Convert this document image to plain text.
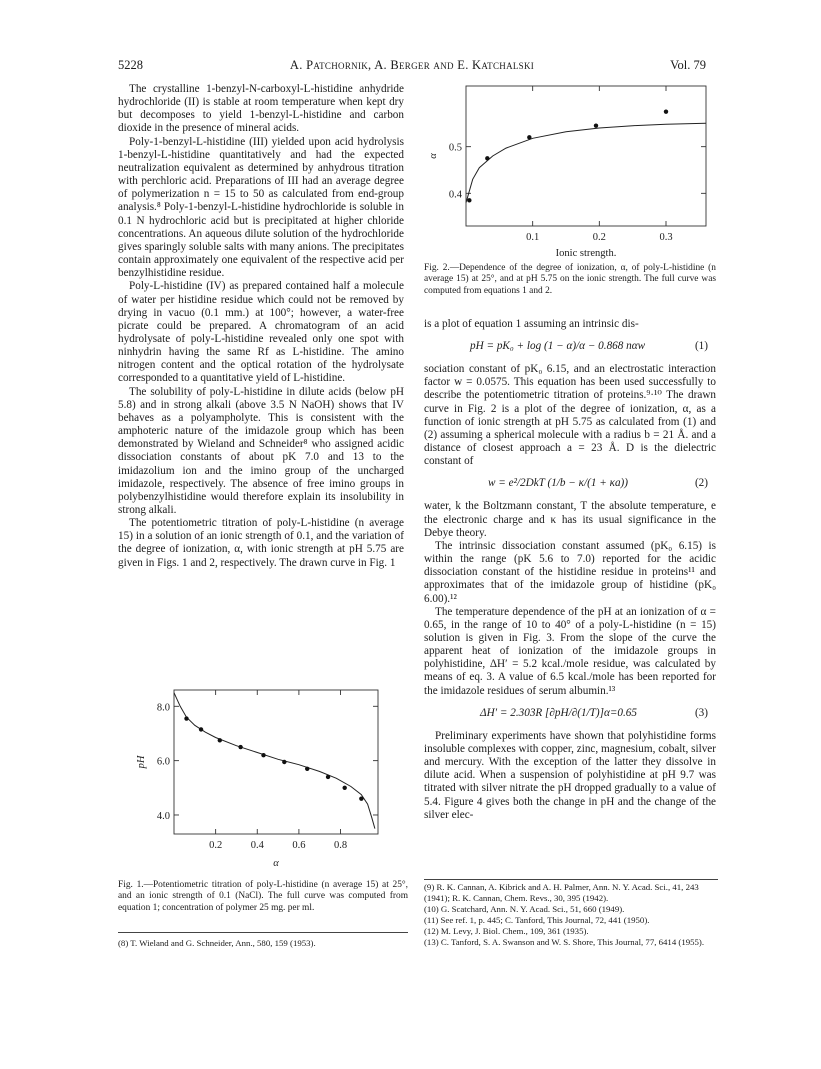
5228	A. Patchornik, A. Berger and E. Katchalski	Vol. 79

The crystalline 1-benzyl-N-carboxyl-L-histidine anhydride hydrochloride (II) is stable at room temperature when kept dry but decomposes to yield 1-benzyl-L-histidine and carbon dioxide in the presence of mineral acids.

Poly-1-benzyl-L-histidine (III) yielded upon acid hydrolysis 1-benzyl-L-histidine quantitatively and had the expected neutralization equivalent as determined by anhydrous titration with perchloric acid. Preparations of III had an average degree of polymerization n = 15 to 50 as calculated from end-group analysis.⁸ Poly-1-benzyl-L-histidine hydrochloride is soluble in 0.1 N hydrochloric acid but is precipitated at higher chloride concentrations. An aqueous dilute solution of the hydrochloride gives sparingly soluble salts with many anions. The precipitates contain approximately one equivalent of the respective acid per benzylhistidine residue.

Poly-L-histidine (IV) as prepared contained half a molecule of water per histidine residue which could not be removed by drying in vacuo (0.1 mm.) at 100°; however, a water-free picrate could be prepared. A chromatogram of an acid hydrolysate of poly-L-histidine revealed only one spot with ninhydrin having the same Rf as L-histidine. The amino nitrogen content and the optical rotation of the hydrolysate corresponded to a quantitative yield of L-histidine.

The solubility of poly-L-histidine in dilute acids (below pH 5.8) and in strong alkali (above 3.5 N NaOH) shows that IV behaves as a polyampholyte. This is consistent with the amphoteric nature of the imidazole group which has been demonstrated by Wieland and Schneider⁸ who assigned acidic dissociation constants of about pK 7.0 and 13 to the imidazolium ion and the imino group of the uncharged imidazole, respectively. The absence of free imino groups in polybenzylhistidine would therefore explain its insolubility in strong alkali.

The potentiometric titration of poly-L-histidine (n average 15) in a solution of an ionic strength of 0.1, and the variation of the degree of ionization, α, with ionic strength at pH 5.75 are given in Figs. 1 and 2, respectively. The drawn curve in Fig. 1

0.1	0.2	0.3
0.4
0.5
Ionic strength.
α
Fig. 2.—Dependence of the degree of ionization, α, of poly-L-histidine (n average 15) at 25°, and at pH 5.75 on the ionic strength. The full curve was computed from equations 1 and 2.

is a plot of equation 1 assuming an intrinsic dis-

pH = pK₀ + log (1 − α)/α − 0.868 nαw	(1)

sociation constant of pK₀ 6.15, and an electrostatic interaction factor w = 0.0575. This equation has been used successfully to describe the potentiometric titration of proteins.⁹·¹⁰ The drawn curve in Fig. 2 is a plot of the degree of ionization, α, as a function of ionic strength at pH 5.75 as calculated from (1) and (2) assuming a spherical molecule with a radius b = 21 Å. and a distance of closest approach a = 23 Å. D is the dielectric constant of

w = e²/2DkT (1/b − κ/(1 + κa))	(2)

water, k the Boltzmann constant, T the absolute temperature, e the electronic charge and κ has its usual significance in the Debye theory.

The intrinsic dissociation constant assumed (pK₀ 6.15) is within the range (pK 5.6 to 7.0) reported for the acidic dissociation constant of the histidine residue in proteins¹¹ and approximates that of the imidazole group of histidine (pK₀ 6.00).¹²

The temperature dependence of the pH at an ionization of α = 0.65, in the range of 10 to 40° of a poly-L-histidine (n = 15) solution is given in Fig. 3. From the slope of the curve the apparent heat of ionization of the imidazole groups in polyhistidine, ΔH′ = 5.2 kcal./mole residue, was calculated by means of eq. 3. A value of 6.5 kcal./mole has been reported for the imidazole residues of serum albumin.¹³

ΔH′ = 2.303R [∂pH/∂(1/T)]α=0.65	(3)

Preliminary experiments have shown that polyhistidine forms insoluble complexes with copper, zinc, magnesium, cobalt, silver and mercury. With the exception of the latter they dissolve in dilute acid. When a suspension of polyhistidine at pH 9.7 was titrated with silver nitrate the pH dropped gradually to a value of 5.4. Figure 4 gives both the change in pH and the change of the silver elec-

0.2	0.4	0.6	0.8
4.0
6.0
8.0
α
pH
Fig. 1.—Potentiometric titration of poly-L-histidine (n average 15) at 25°, and an ionic strength of 0.1 (NaCl). The full curve was computed from equation 1; concentration of polymer 25 mg. per ml.
(8) T. Wieland and G. Schneider, Ann., 580, 159 (1953).
(9) R. K. Cannan, A. Kibrick and A. H. Palmer, Ann. N. Y. Acad. Sci., 41, 243 (1941); R. K. Cannan, Chem. Revs., 30, 395 (1942).
(10) G. Scatchard, Ann. N. Y. Acad. Sci., 51, 660 (1949).
(11) See ref. 1, p. 445; C. Tanford, This Journal, 72, 441 (1950).
(12) M. Levy, J. Biol. Chem., 109, 361 (1935).
(13) C. Tanford, S. A. Swanson and W. S. Shore, This Journal, 77, 6414 (1955).
